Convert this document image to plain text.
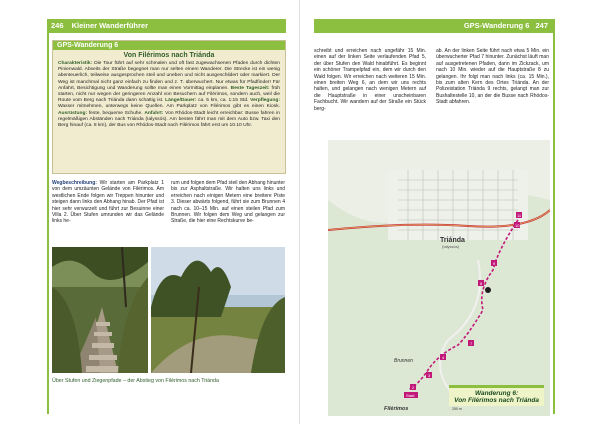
246 Kleiner Wanderführer
GPS-Wanderung 6
Von Filérimos nach Triánda
Charakteristik: Die Tour führt auf sehr schmalen und oft fast zugewachsenen Pfaden durch dichten Pinienwald. Abseits der Straße begegnet man nur selten einem Wanderer. Die Strecke ist ein wenig abenteuerlich, teilweise ausgesprochen steil und uneben und nicht ausgeschildert oder markiert. Der Weg ist manchmal nicht ganz einfach zu finden und z. T. überwuchert. Nur etwas für Pfadfinder! Für Anfahrt, Besichtigung und Wanderung sollte man einen Vormittag einplanen. Beste Tageszeit: früh starten, nicht nur wegen der geringeren Anzahl von Besuchern auf Filérimos, sondern auch, weil die Route vom Berg nach Triánda dann schattig ist. Länge/Dauer: ca. 5 km, ca. 1:15 Std. Verpflegung: Wasser mitnehmen, unterwegs keine Quellen. Am Parkplatz von Filérimos gibt es einen Kiosk. Ausrüstung: feste, bequeme Schuhe. Anfahrt: Von Rhódos-Stadt leicht erreichbar: Busse fahren in regelmäßigen Abständen nach Triánda (Ialyssós). Am besten fährt man mit dem Auto bzw. Taxi den Berg hinauf (ca. 8 km), der Bus von Rhódos-Stadt nach Filérimos fährt erst um 10.10 Uhr.
Wegbeschreibung: Wir starten am Parkplatz 1 von dem umzäunten Gelände von Filérimos. Am westlichen Ende folgen wir Treppen hinunter und steigen dann links den Abhang hinab. Der Pfad ist hier sehr verwurzelt und führt zur Besuinne einer Villa 2. Über Stufen umrunden wir das Gelände links he-
rum und folgen dem Pfad steil den Abhang hinunter bis zur Asphaltstraße. Wir halten uns links und erreichen nach einigen Metern eine breitere Piste 3. Dieser abwärts folgend, führt sie zum Brunnen 4 nach ca. 10–15 Min. auf einen steilen Pfad zum Brunnen. Wir folgen dem Weg und gelangen zur Straße, die hier eine Rechtskurve be-
Über Stufen und Ziegenpfade – der Abstieg von Filérimos nach Triánda
GPS-Wanderung 6 247
schreibt und erreichen nach ungefähr 15 Min. einen auf der linken Seite verlaufenden Pfad 5, der über Stufen den Wald hinabführt. Es beginnt ein schöner Trampelpfad ein, dem wir durch den Wald folgen. Wir erreichen nach weiteren 15 Min. einen breiten Weg 6, an dem wir uns rechts halten, und gelangen nach wenigen Metern auf die Hauptstraße in einer unscheinbaren Fachbucht. Wir wandern auf der Straße ein Stück berg-
ab. An der linken Seite führt nach etwa 5 Min. ein überwucherter Pfad 7 hinunter. Zunächst läuft man auf ausgetretenen Pfaden, dann im Zickzack, um nach 10 Min. wieder auf die Hauptstraße 8 zu gelangen. Ihr folgt man nach links (ca. 15 Min.), bis zum alten Kern des Ortes Triánda. An der Polizeistation Triánda 9 rechts, gelangt man zur Bushaltestelle 10, an der die Busse nach Rhódos-Stadt abfahren.
11
10
9
8
7
4
3
2
Start
Triánda
(Ialyssós)
Brunnen
Filérimos	250 m
Wanderung 6:
Von Filérimos nach Triánda
